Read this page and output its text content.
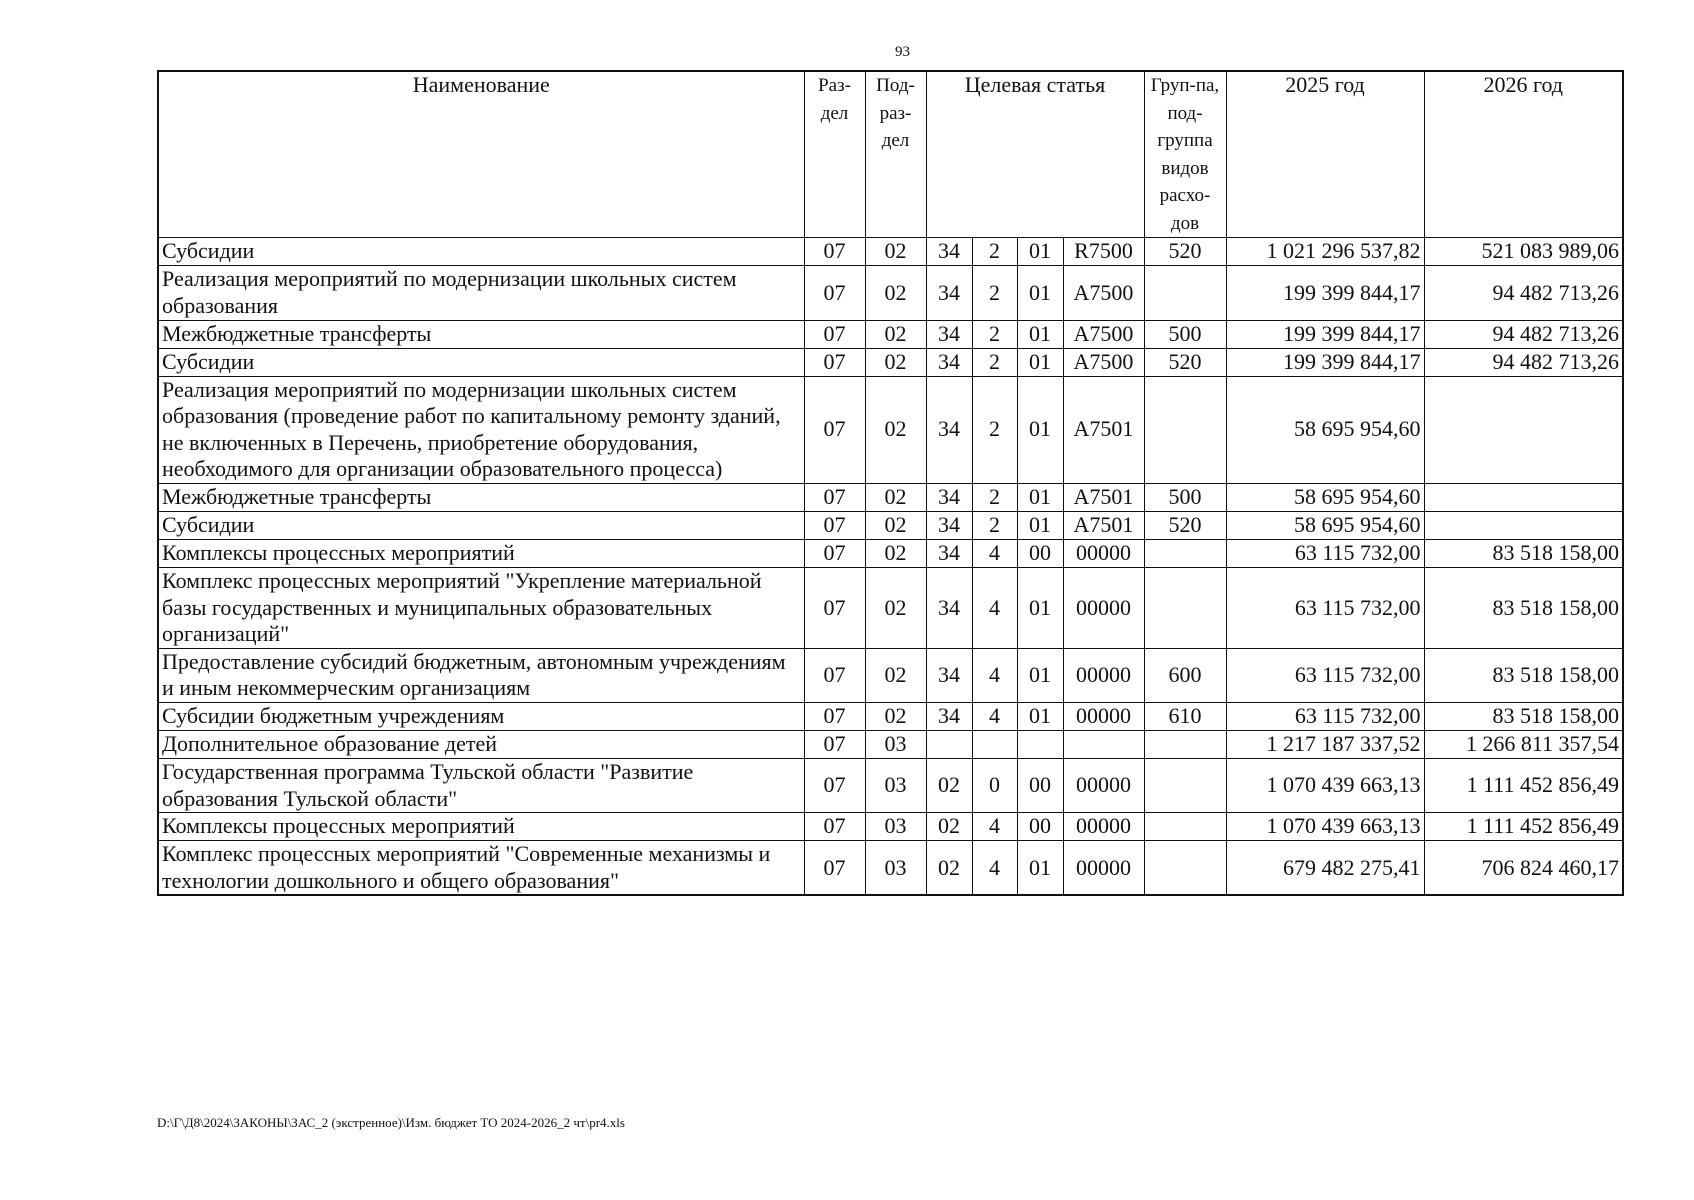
93
Наименование	Раз-дел	Под-раз-дел	Целевая статья				Груп-па, под-группа видов расхо-дов	2025 год	2026 год
Субсидии	07	02	34	2	01	R7500	520	1 021 296 537,82	521 083 989,06
Реализация мероприятий по модернизации школьных систем образования	07	02	34	2	01	А7500		199 399 844,17	94 482 713,26
Межбюджетные трансферты	07	02	34	2	01	А7500	500	199 399 844,17	94 482 713,26
Субсидии	07	02	34	2	01	А7500	520	199 399 844,17	94 482 713,26
Реализация мероприятий по модернизации школьных систем образования (проведение работ по капитальному ремонту зданий, не включенных в Перечень, приобретение оборудования, необходимого для организации образовательного процесса)	07	02	34	2	01	А7501		58 695 954,60	
Межбюджетные трансферты	07	02	34	2	01	А7501	500	58 695 954,60	
Субсидии	07	02	34	2	01	А7501	520	58 695 954,60	
Комплексы процессных мероприятий	07	02	34	4	00	00000		63 115 732,00	83 518 158,00
Комплекс процессных мероприятий "Укрепление материальной базы государственных и муниципальных образовательных организаций"	07	02	34	4	01	00000		63 115 732,00	83 518 158,00
Предоставление субсидий бюджетным, автономным учреждениям и иным некоммерческим организациям	07	02	34	4	01	00000	600	63 115 732,00	83 518 158,00
Субсидии бюджетным учреждениям	07	02	34	4	01	00000	610	63 115 732,00	83 518 158,00
Дополнительное образование детей	07	03						1 217 187 337,52	1 266 811 357,54
Государственная программа Тульской области "Развитие образования Тульской области"	07	03	02	0	00	00000		1 070 439 663,13	1 111 452 856,49
Комплексы процессных мероприятий	07	03	02	4	00	00000		1 070 439 663,13	1 111 452 856,49
Комплекс процессных мероприятий "Современные механизмы и технологии дошкольного и общего образования"	07	03	02	4	01	00000		679 482 275,41	706 824 460,17
D:\Г\Д8\2024\ЗАКОНЫ\ЗАС_2 (экстренное)\Изм. бюджет ТО 2024-2026_2 чт\pr4.xls
